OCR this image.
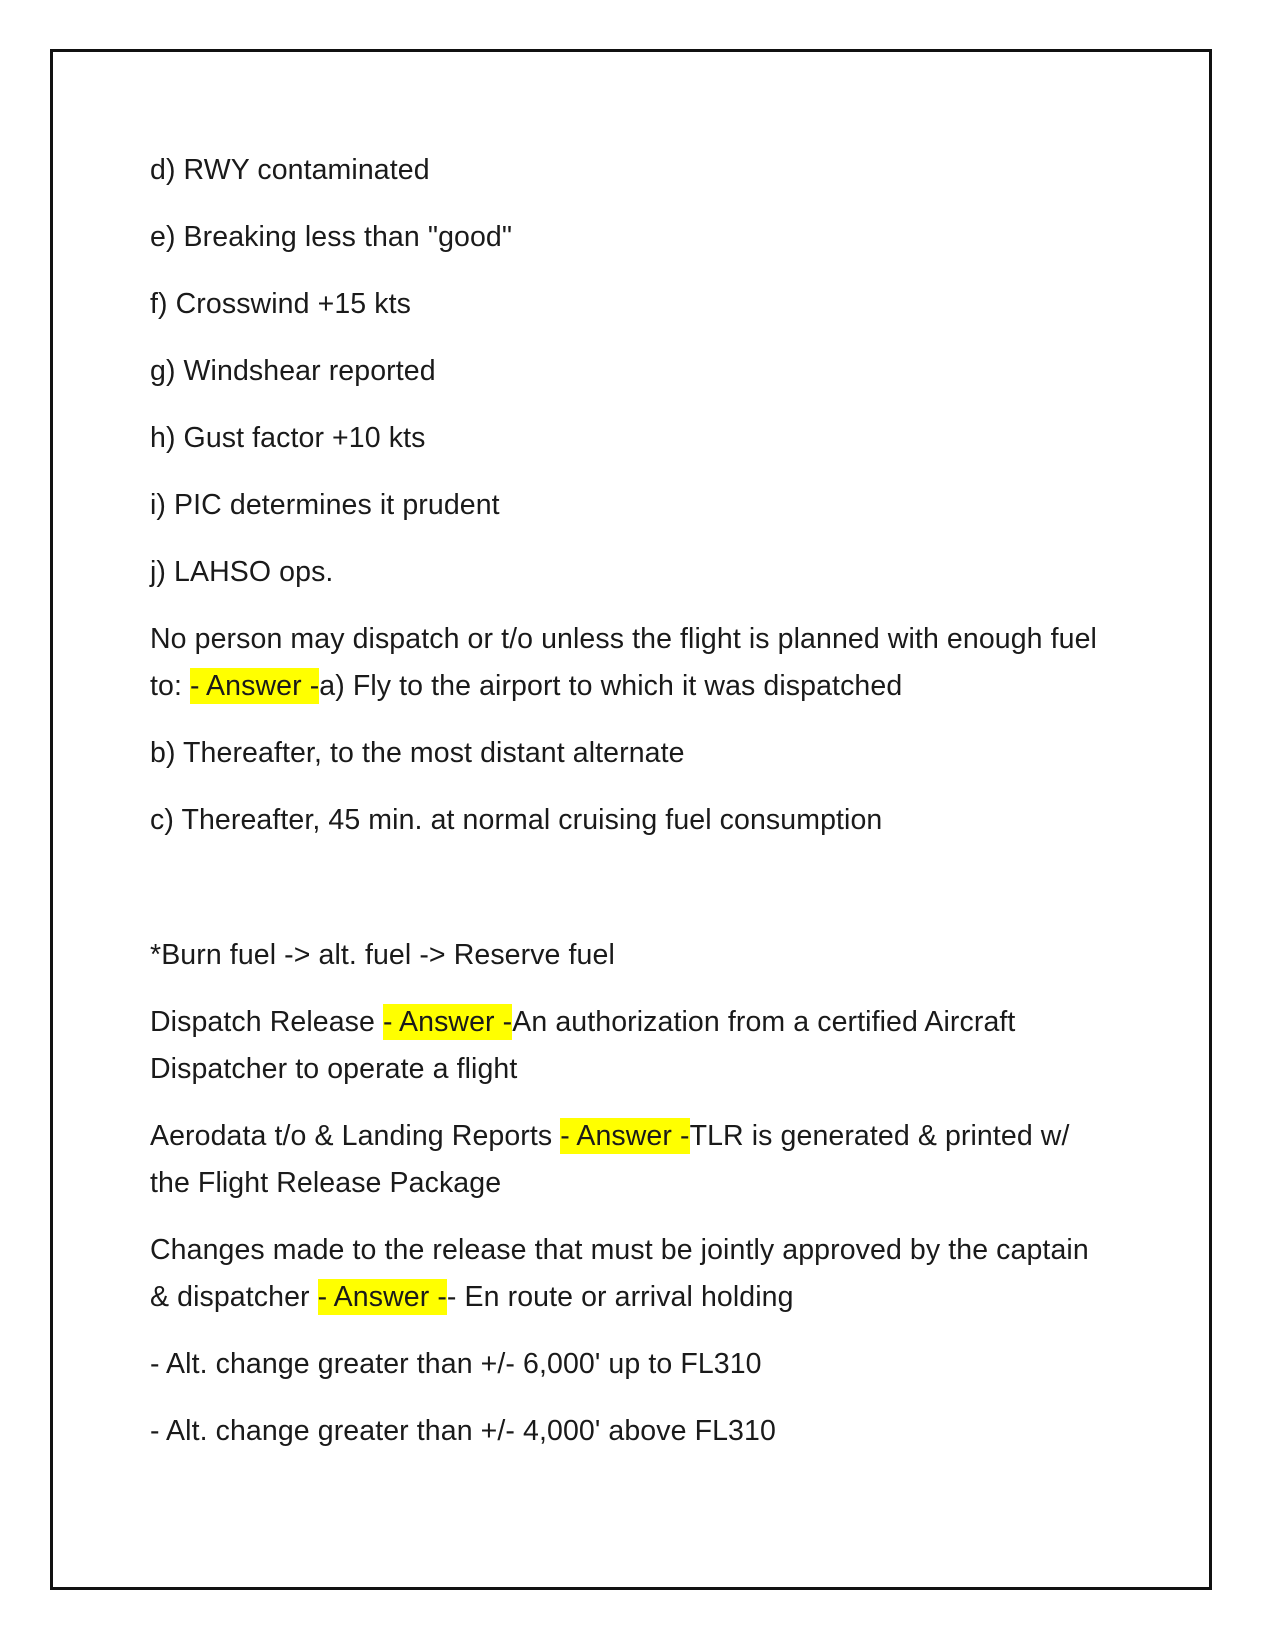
d) RWY contaminated

e) Breaking less than "good"

f) Crosswind +15 kts

g) Windshear reported

h) Gust factor +10 kts

i) PIC determines it prudent

j) LAHSO ops.

No person may dispatch or t/o unless the flight is planned with enough fuel to: - Answer -a) Fly to the airport to which it was dispatched

b) Thereafter, to the most distant alternate

c) Thereafter, 45 min. at normal cruising fuel consumption

*Burn fuel -> alt. fuel -> Reserve fuel

Dispatch Release - Answer -An authorization from a certified Aircraft Dispatcher to operate a flight

Aerodata t/o & Landing Reports - Answer -TLR is generated & printed w/ the Flight Release Package

Changes made to the release that must be jointly approved by the captain & dispatcher - Answer -- En route or arrival holding

- Alt. change greater than +/- 6,000' up to FL310

- Alt. change greater than +/- 4,000' above FL310
